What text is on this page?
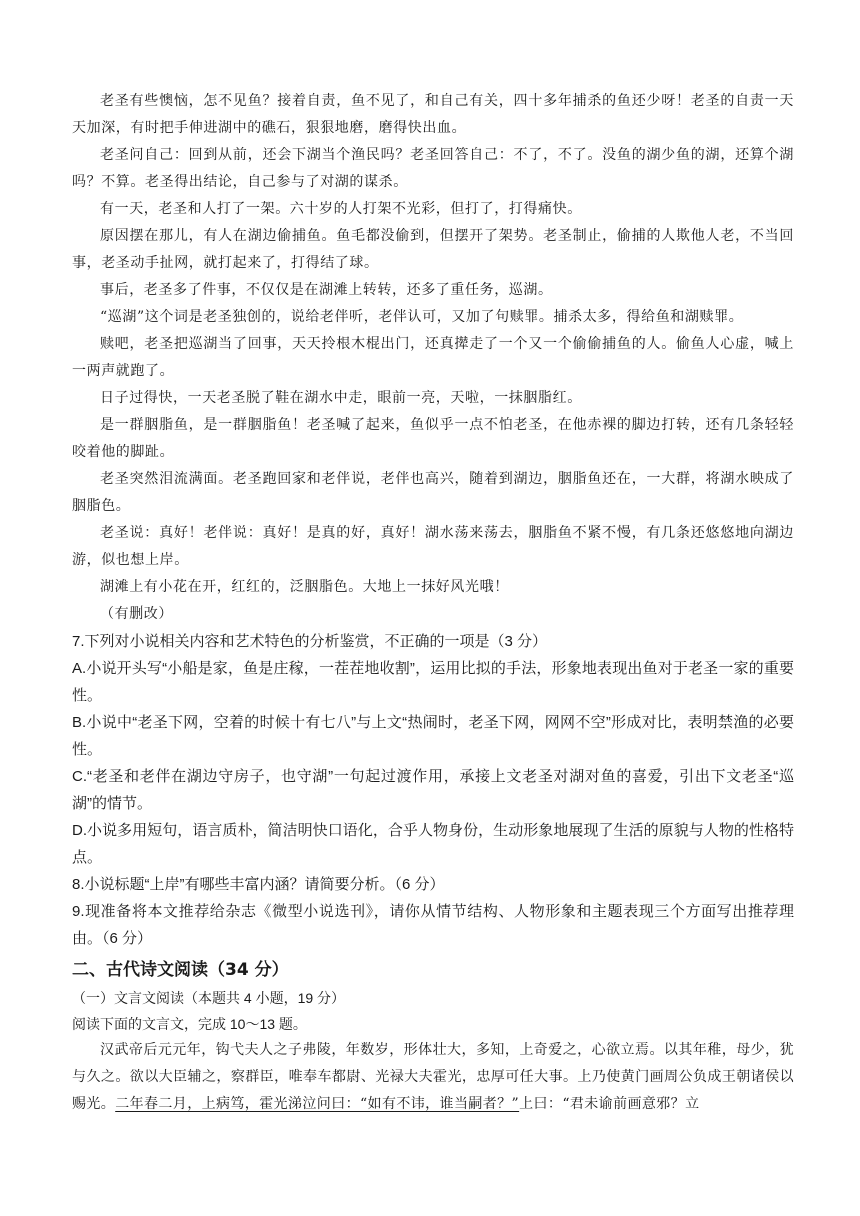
老圣有些懊恼，怎不见鱼？接着自责，鱼不见了，和自己有关，四十多年捕杀的鱼还少呀！老圣的自责一天天加深，有时把手伸进湖中的礁石，狠狠地磨，磨得快出血。

老圣问自己：回到从前，还会下湖当个渔民吗？老圣回答自己：不了，不了。没鱼的湖少鱼的湖，还算个湖吗？不算。老圣得出结论，自己参与了对湖的谋杀。

有一天，老圣和人打了一架。六十岁的人打架不光彩，但打了，打得痛快。

原因摆在那儿，有人在湖边偷捕鱼。鱼毛都没偷到，但摆开了架势。老圣制止，偷捕的人欺他人老，不当回事，老圣动手扯网，就打起来了，打得结了球。

事后，老圣多了件事，不仅仅是在湖滩上转转，还多了重任务，巡湖。

“巡湖”这个词是老圣独创的，说给老伴听，老伴认可，又加了句赎罪。捕杀太多，得给鱼和湖赎罪。

赎吧，老圣把巡湖当了回事，天天拎根木棍出门，还真撵走了一个又一个偷偷捕鱼的人。偷鱼人心虚，喊上一两声就跑了。

日子过得快，一天老圣脱了鞋在湖水中走，眼前一亮，天啦，一抹胭脂红。

是一群胭脂鱼，是一群胭脂鱼！老圣喊了起来，鱼似乎一点不怕老圣，在他赤裸的脚边打转，还有几条轻轻咬着他的脚趾。

老圣突然泪流满面。老圣跑回家和老伴说，老伴也高兴，随着到湖边，胭脂鱼还在，一大群，将湖水映成了胭脂色。

老圣说：真好！老伴说：真好！是真的好，真好！湖水荡来荡去，胭脂鱼不紧不慢，有几条还悠悠地向湖边游，似也想上岸。

湖滩上有小花在开，红红的，泛胭脂色。大地上一抹好风光哦！

（有删改）

7.下列对小说相关内容和艺术特色的分析鉴赏，不正确的一项是（3 分）

A.小说开头写“小船是家，鱼是庄稼，一茬茬地收割”，运用比拟的手法，形象地表现出鱼对于老圣一家的重要性。

B.小说中“老圣下网，空着的时候十有七八”与上文“热闹时，老圣下网，网网不空”形成对比，表明禁渔的必要性。

C.“老圣和老伴在湖边守房子，也守湖”一句起过渡作用，承接上文老圣对湖对鱼的喜爱，引出下文老圣“巡湖”的情节。

D.小说多用短句，语言质朴，简洁明快口语化，合乎人物身份，生动形象地展现了生活的原貌与人物的性格特点。

8.小说标题“上岸”有哪些丰富内涵？请简要分析。（6 分）

9.现准备将本文推荐给杂志《微型小说选刊》，请你从情节结构、人物形象和主题表现三个方面写出推荐理由。（6 分）

二、古代诗文阅读（34 分）

（一）文言文阅读（本题共 4 小题，19 分）

阅读下面的文言文，完成 10～13 题。

汉武帝后元元年，钩弋夫人之子弗陵，年数岁，形体壮大，多知，上奇爱之，心欲立焉。以其年稚，母少，犹与久之。欲以大臣辅之，察群臣，唯奉车都尉、光禄大夫霍光，忠厚可任大事。上乃使黄门画周公负成王朝诸侯以赐光。二年春二月，上病笃，霍光涕泣问曰：“如有不讳，谁当嗣者？”上曰：“君未谕前画意邪？立
